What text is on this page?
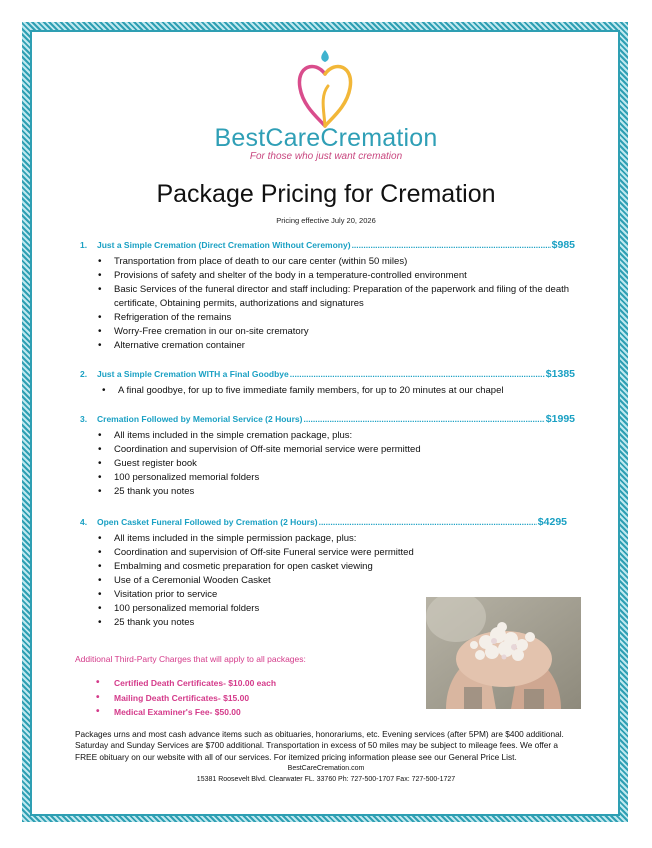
BestCareCremation
For those who just want cremation
Package Pricing for Cremation
Pricing effective July 20, 2026
1.	Just a Simple Cremation (Direct Cremation Without Ceremony) .....	$985
• Transportation from place of death to our care center (within 50 miles)
• Provisions of safety and shelter of the body in a temperature-controlled environment
• Basic Services of the funeral director and staff including: Preparation of the paperwork and filing of the death certificate, Obtaining permits, authorizations and signatures
• Refrigeration of the remains
• Worry-Free cremation in our on-site crematory
• Alternative cremation container
2.	Just a Simple Cremation WITH a Final Goodbye .....	$1385
• A final goodbye, for up to five immediate family members, for up to 20 minutes at our chapel
3.	Cremation Followed by Memorial Service (2 Hours) .....	$1995
• All items included in the simple cremation package, plus:
• Coordination and supervision of Off-site memorial service were permitted
• Guest register book
• 100 personalized memorial folders
• 25 thank you notes
4.	Open Casket Funeral Followed by Cremation (2 Hours) .....	$4295
• All items included in the simple permission package, plus:
• Coordination and supervision of Off-site Funeral service were permitted
• Embalming and cosmetic preparation for open casket viewing
• Use of a Ceremonial Wooden Casket
• Visitation prior to service
• 100 personalized memorial folders
• 25 thank you notes
Additional Third-Party Charges that will apply to all packages:
• Certified Death Certificates- $10.00 each
• Mailing Death Certificates- $15.00
• Medical Examiner's Fee- $50.00
Packages urns and most cash advance items such as obituaries, honorariums, etc. Evening services (after 5PM) are $400 additional. Saturday and Sunday Services are $700 additional. Transportation in excess of 50 miles may be subject to mileage fees. We offer a FREE obituary on our website with all of our services. For itemized pricing information please see our General Price List.
BestCareCremation.com
15381 Roosevelt Blvd. Clearwater FL. 33760 Ph: 727-500-1707 Fax: 727-500-1727
